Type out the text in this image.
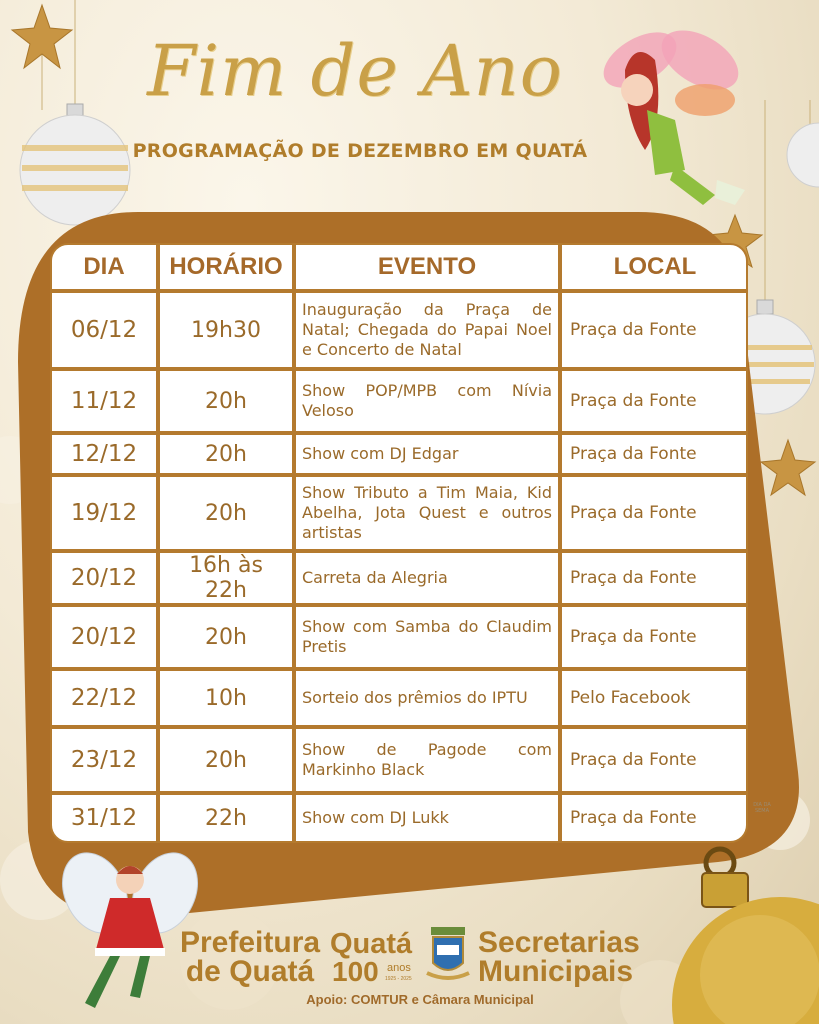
Fim de Ano
PROGRAMAÇÃO DE DEZEMBRO EM QUATÁ
DIA	HORÁRIO	EVENTO	LOCAL
06/12	19h30	Inauguração da Praça de Natal; Chegada do Papai Noel e Concerto de Natal	Praça da Fonte
11/12	20h	Show POP/MPB com Nívia Veloso	Praça da Fonte
12/12	20h	Show com DJ Edgar	Praça da Fonte
19/12	20h	Show Tributo a Tim Maia, Kid Abelha, Jota Quest e outros artistas	Praça da Fonte
20/12	16h às 22h	Carreta da Alegria	Praça da Fonte
20/12	20h	Show com Samba do Claudim Pretis	Praça da Fonte
22/12	10h	Sorteio dos prêmios do IPTU	Pelo Facebook
23/12	20h	Show de Pagode com Markinho Black	Praça da Fonte
31/12	22h	Show com DJ Lukk	Praça da Fonte
DIA DA SEMA
Prefeitura
de Quatá
Quatá
100 anos
1925 - 2025
Secretarias
Municipais
Apoio: COMTUR e Câmara Municipal
